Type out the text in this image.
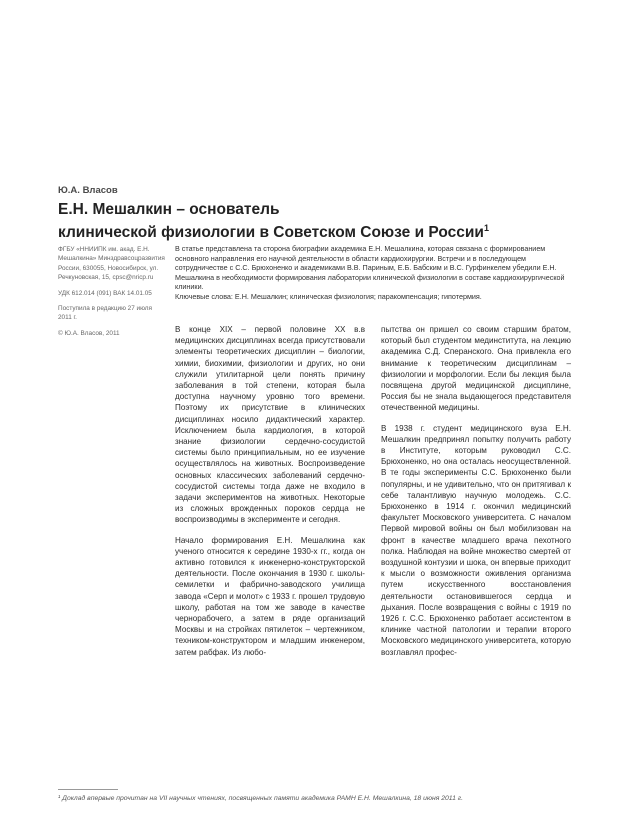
Ю.А. Власов
Е.Н. Мешалкин – основатель
клинической физиологии в Советском Союзе и России$^1$

ФГБУ «ННИИПК им. акад. Е.Н. Мешалкина» Минздравсоцразвития России, 630055, Новосибирск, ул. Речкуновская, 15, cpsc@nricp.ru

УДК 612.014 (091) ВАК 14.01.05

Поступила в редакцию 27 июля 2011 г.

© Ю.А. Власов, 2011

В статье представлена та сторона биографии академика Е.Н. Мешалкина, которая связана с формированием основного направления его научной деятельности в области кардиохирургии. Встречи и в последующем сотрудничестве с С.С. Брюхоненко и академиками В.В. Париным, Е.Б. Бабским и В.С. Гурфинкелем убедили Е.Н. Мешалкина в необходимости формирования лаборатории клинической физиологии в составе кардиохирургической клиники.

Ключевые слова: Е.Н. Мешалкин; клиническая физиология; паракомпенсация; гипотермия.

В конце XIX – первой половине XX в.в медицинских дисциплинах всегда присутствовали элементы теоретических дисциплин – биологии, химии, биохимии, физиологии и других, но они служили утилитарной цели понять причину заболевания в той степени, которая была доступна научному уровню того времени. Поэтому их присутствие в клинических дисциплинах носило дидактический характер. Исключением была кардиология, в которой знание физиологии сердечно-сосудистой системы было принципиальным, но ее изучение осуществлялось на животных. Воспроизведение основных классических заболеваний сердечно-сосудистой системы тогда даже не входило в задачи экспериментов на животных. Некоторые из сложных врожденных пороков сердца не воспроизводимы в эксперименте и сегодня.

Начало формирования Е.Н. Мешалкина как ученого относится к середине 1930-х гг., когда он активно готовился к инженерно-конструкторской деятельности. После окончания в 1930 г. школы-семилетки и фабрично-заводского училища завода «Серп и молот» с 1933 г. прошел трудовую школу, работая на том же заводе в качестве чернорабочего, а затем в ряде организаций Москвы и на стройках пятилеток – чертежником, техником-конструктором и младшим инженером, затем рабфак. Из любо-

пытства он пришел со своим старшим братом, который был студентом мединститута, на лекцию академика С.Д. Сперанского. Она привлекла его внимание к теоретическим дисциплинам – физиологии и морфологии. Если бы лекция была посвящена другой медицинской дисциплине, Россия бы не знала выдающегося представителя отечественной медицины.

В 1938 г. студент медицинского вуза Е.Н. Мешалкин предпринял попытку получить работу в Институте, которым руководил С.С. Брюхоненко, но она осталась неосуществленной. В те годы эксперименты С.С. Брюхоненко были популярны, и не удивительно, что он притягивал к себе талантливую научную молодежь. С.С. Брюхоненко в 1914 г. окончил медицинский факультет Московского университета. С началом Первой мировой войны он был мобилизован на фронт в качестве младшего врача пехотного полка. Наблюдая на войне множество смертей от воздушной контузии и шока, он впервые приходит к мысли о возможности оживления организма путем искусственного восстановления деятельности остановившегося сердца и дыхания. После возвращения с войны с 1919 по 1926 г. С.С. Брюхоненко работает ассистентом в клинике частной патологии и терапии второго Московского медицинского университета, которую возглавлял профес-

¹ Доклад впервые прочитан на VII научных чтениях, посвященных памяти академика РАМН Е.Н. Мешалкина, 18 июня 2011 г.
